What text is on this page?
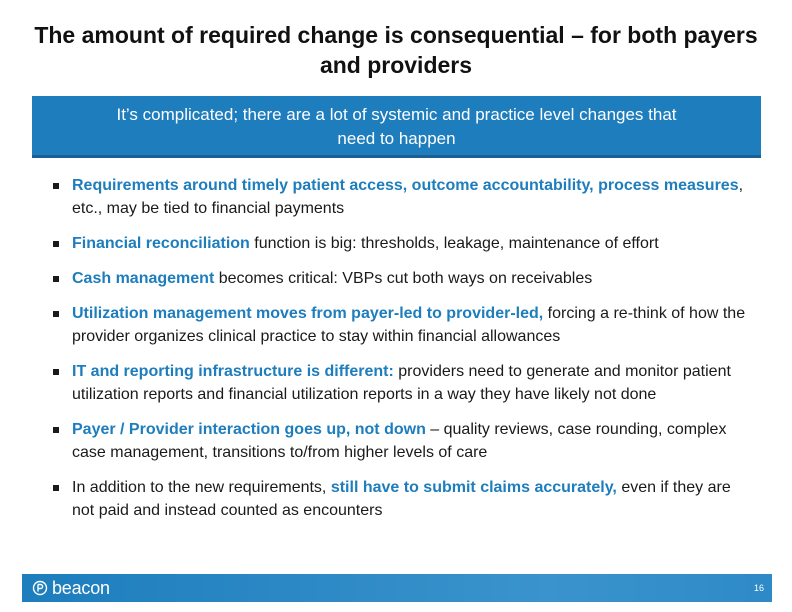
The amount of required change is consequential – for both payers and providers
It’s complicated; there are a lot of systemic and practice level changes that need to happen
Requirements around timely patient access, outcome accountability, process measures, etc., may be tied to financial payments
Financial reconciliation function is big: thresholds, leakage, maintenance of effort
Cash management becomes critical: VBPs cut both ways on receivables
Utilization management moves from payer-led to provider-led, forcing a re-think of how the provider organizes clinical practice to stay within financial allowances
IT and reporting infrastructure is different: providers need to generate and monitor patient utilization reports and financial utilization reports in a way they have likely not done
Payer / Provider interaction goes up, not down – quality reviews, case rounding, complex case management, transitions to/from higher levels of care
In addition to the new requirements, still have to submit claims accurately, even if they are not paid and instead counted as encounters
beacon	16
